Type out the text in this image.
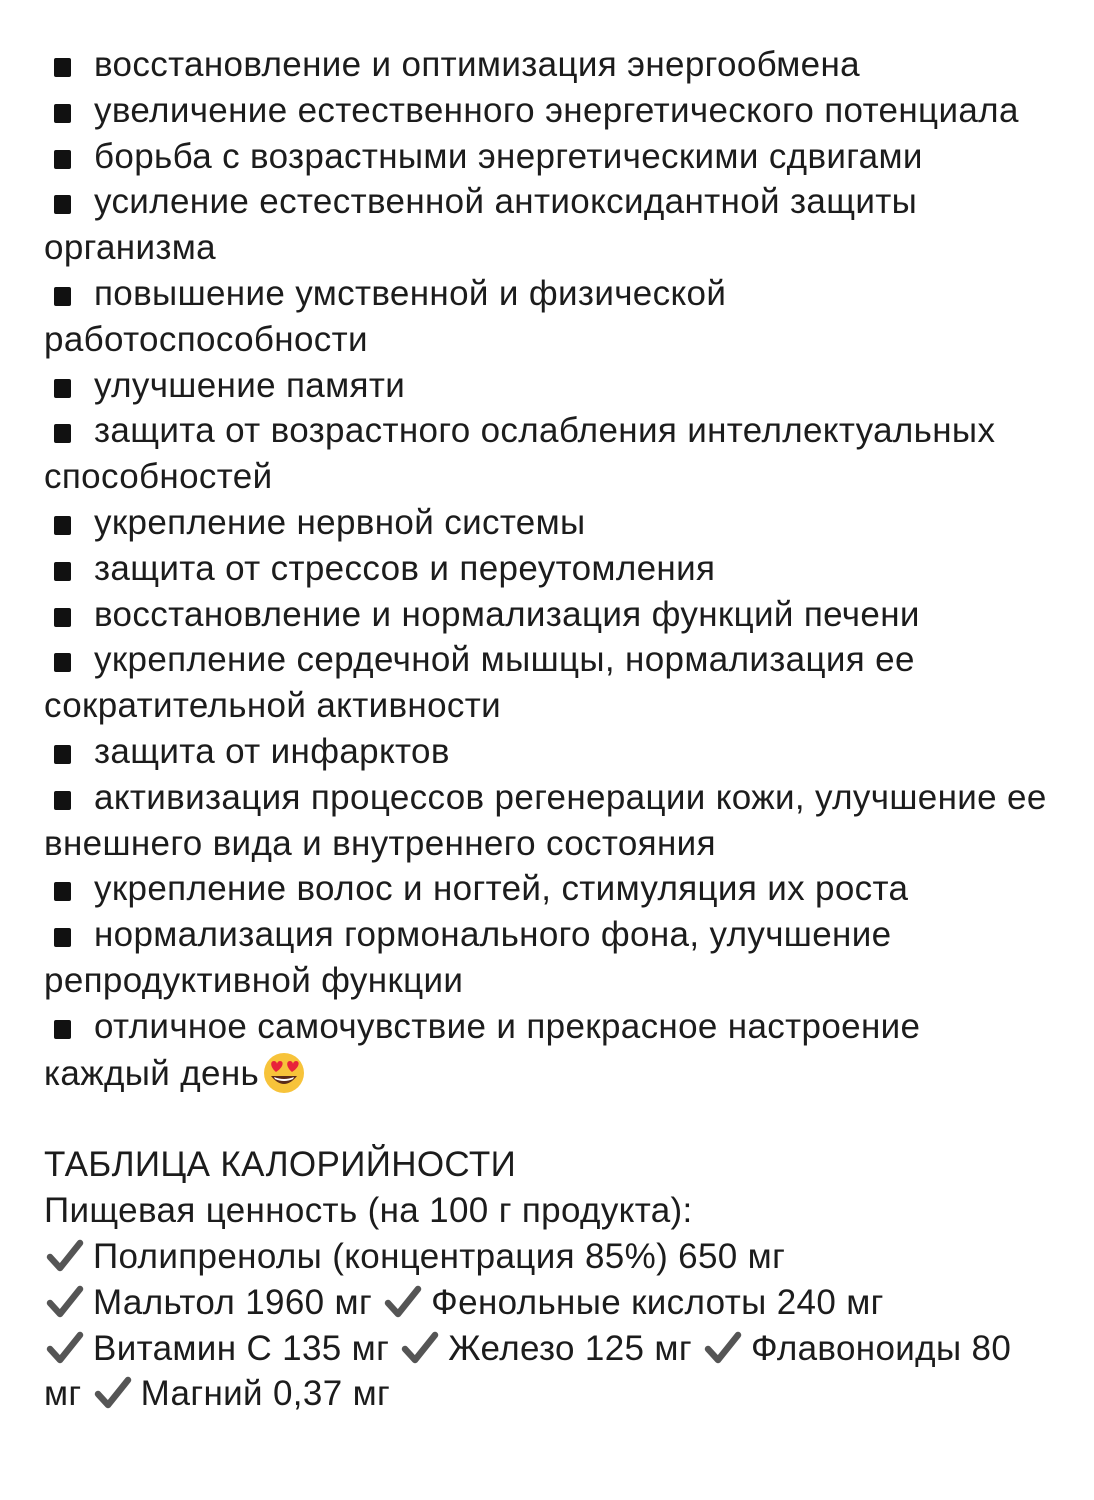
восстановление и оптимизация энергообмена

увеличение естественного энергетического потенциала

борьба с возрастными энергетическими сдвигами

усиление естественной антиоксидантной защиты организма

повышение умственной и физической работоспособности

улучшение памяти

защита от возрастного ослабления интеллектуальных способностей

укрепление нервной системы

защита от стрессов и переутомления

восстановление и нормализация функций печени

укрепление сердечной мышцы, нормализация ее сократительной активности

защита от инфарктов

активизация процессов регенерации кожи, улучшение ее внешнего вида и внутреннего состояния

укрепление волос и ногтей, стимуляция их роста

нормализация гормонального фона, улучшение репродуктивной функции

отличное самочувствие и прекрасное настроение каждый день

ТАБЛИЦА КАЛОРИЙНОСТИ

Пищевая ценность (на 100 г продукта):

Полипренолы (концентрация 85%) 650 мг
Мальтол 1960 мг Фенольные кислоты 240 мг
Витамин С 135 мг Железо 125 мг Флавоноиды 80 мг Магний 0,37 мг
